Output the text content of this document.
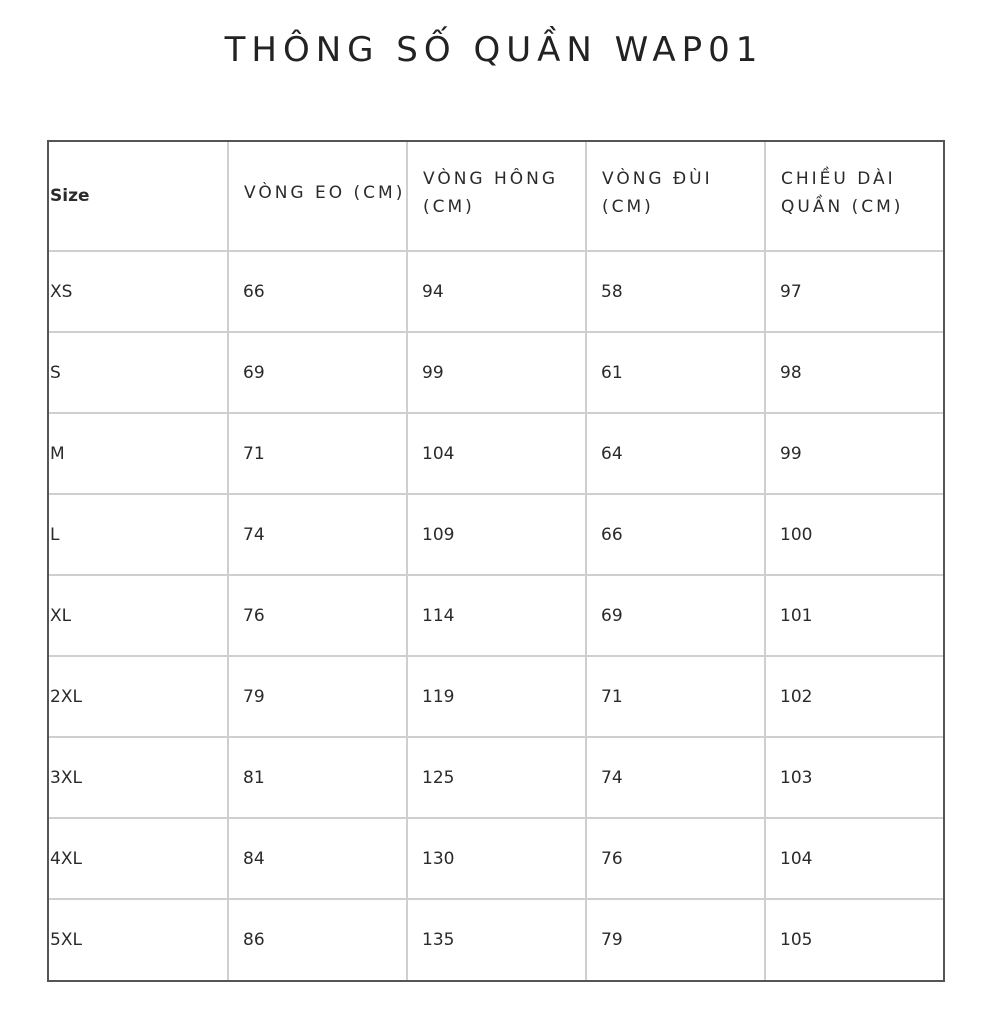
THÔNG SỐ QUẦN WAP01
Size	VÒNG EO (CM)	VÒNG HÔNG (CM)	VÒNG ĐÙI (CM)	CHIỀU DÀI QUẦN (CM)
XS	66	94	58	97
S	69	99	61	98
M	71	104	64	99
L	74	109	66	100
XL	76	114	69	101
2XL	79	119	71	102
3XL	81	125	74	103
4XL	84	130	76	104
5XL	86	135	79	105
